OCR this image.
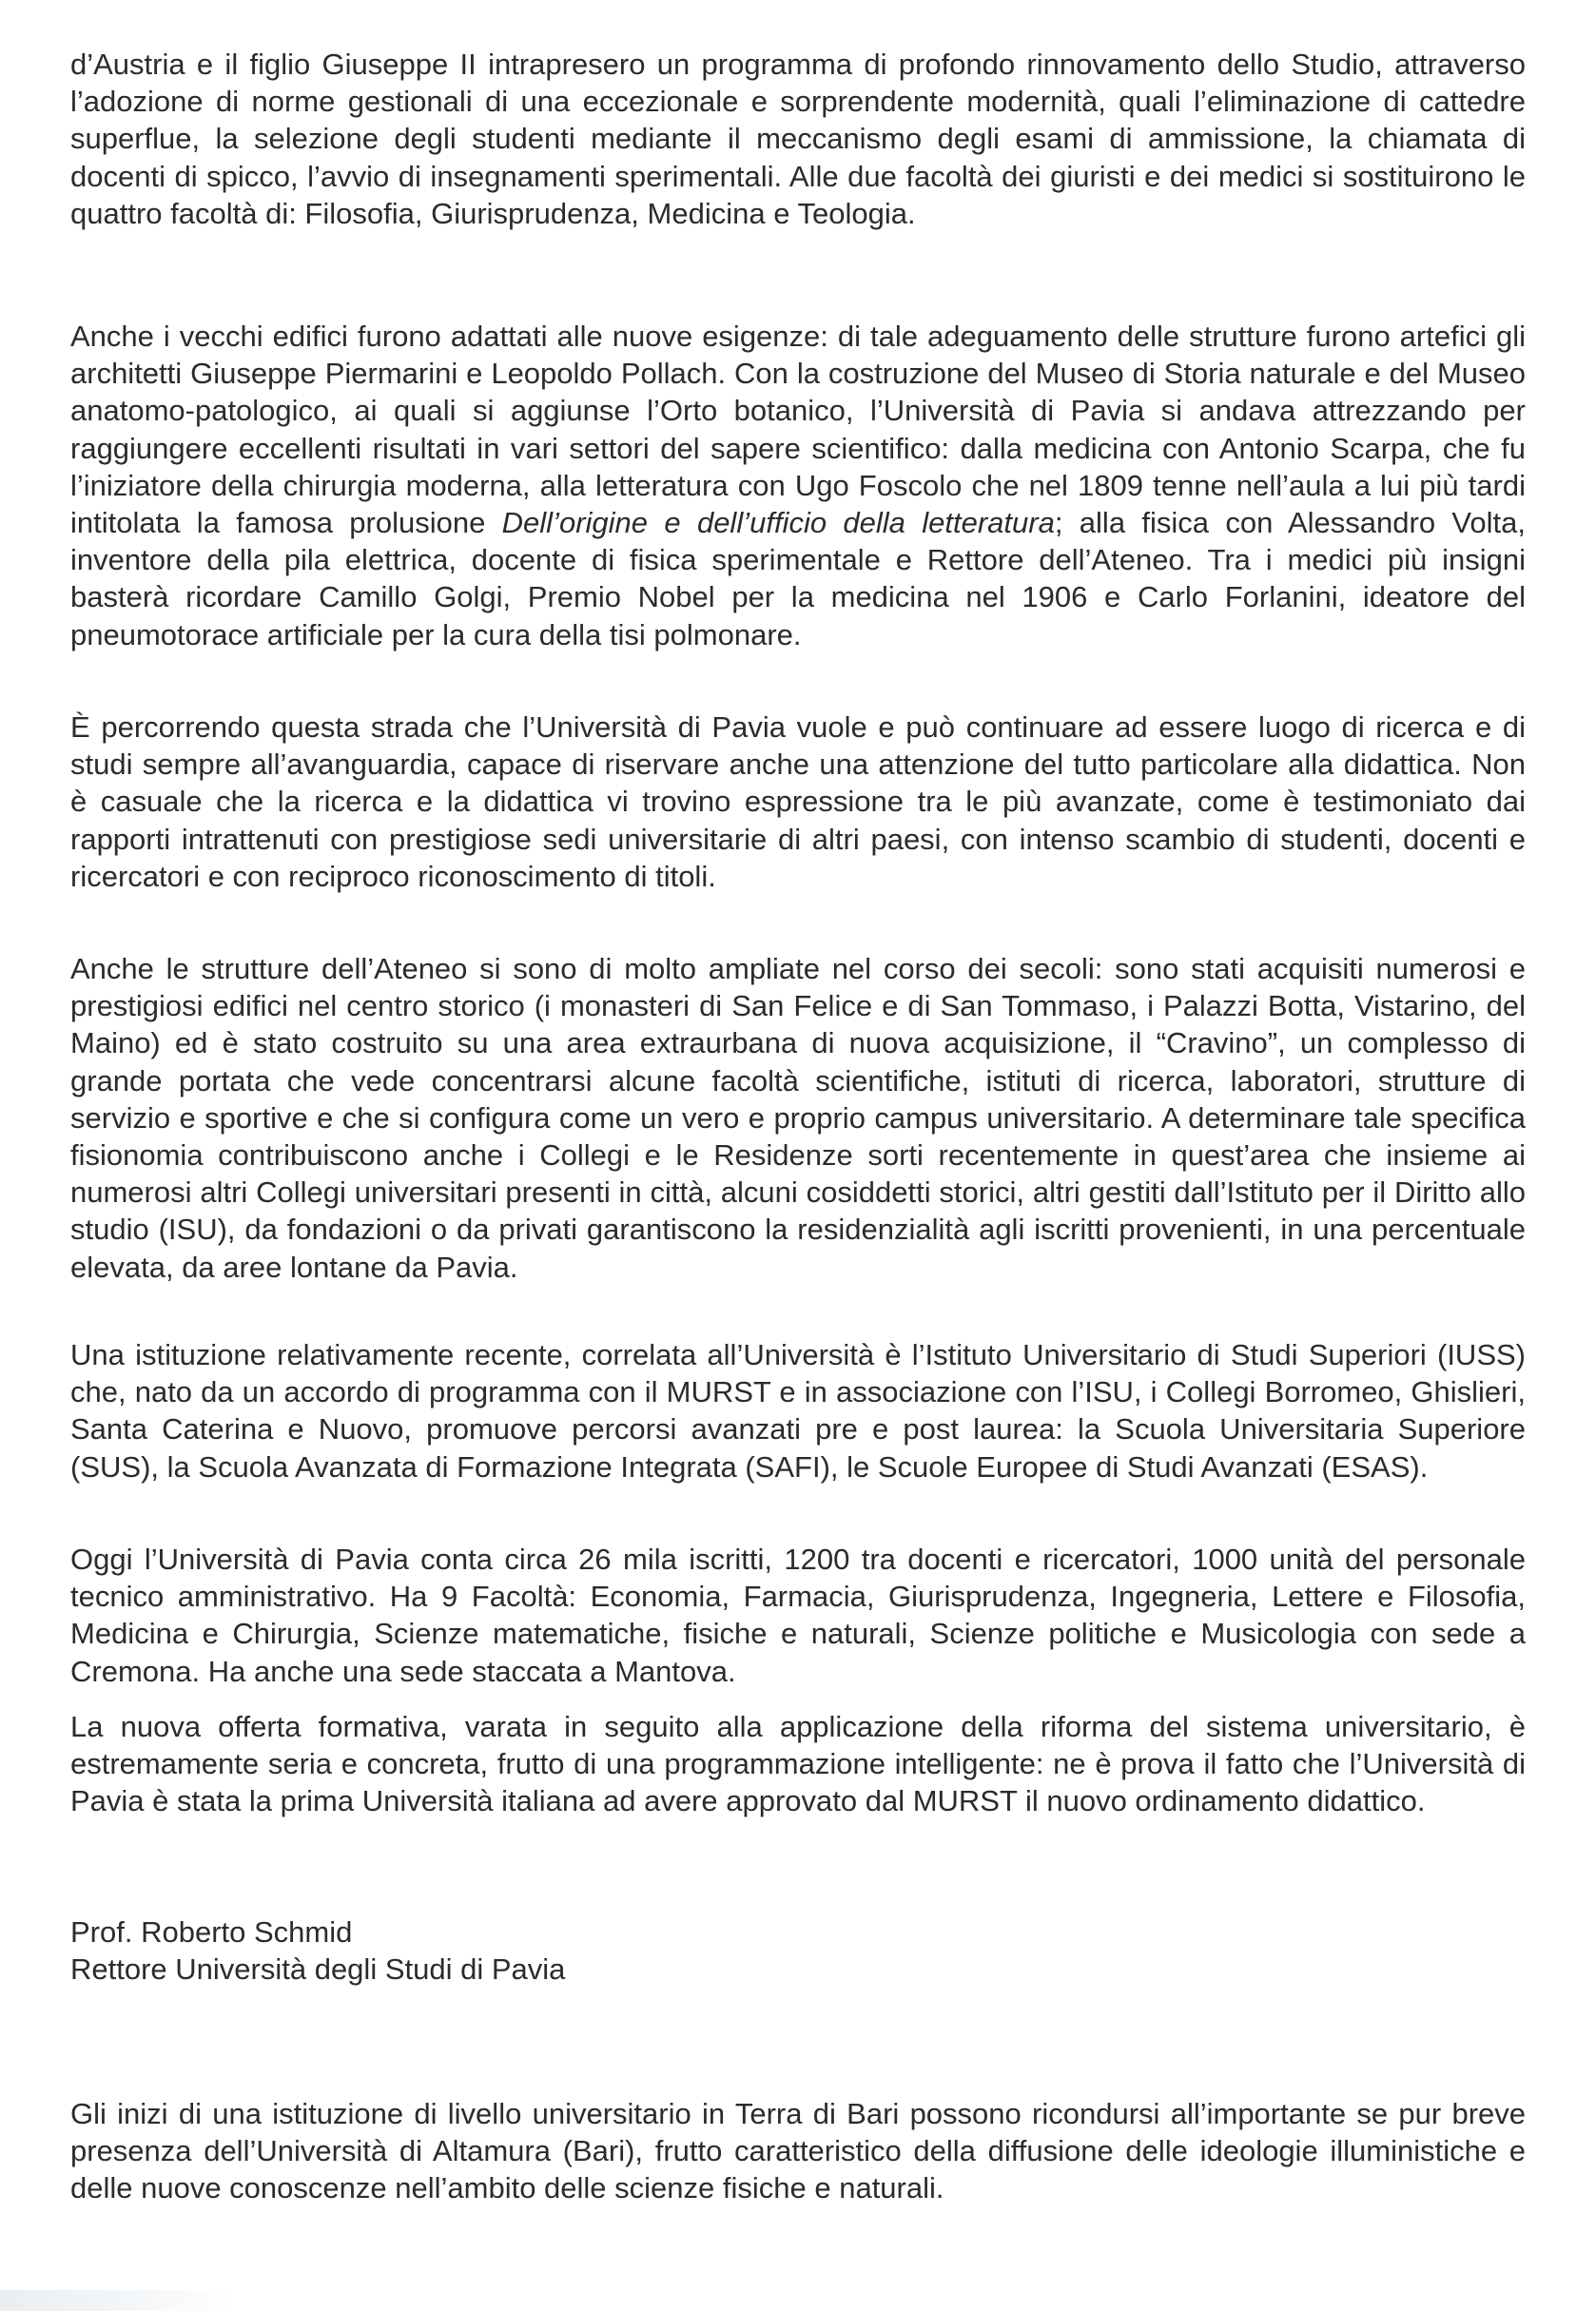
d’Austria e il figlio Giuseppe II intrapresero un programma di profondo rinnovamento dello Studio, attraverso l’adozione di norme gestionali di una eccezionale e sorprendente modernità, quali l’eliminazione di cattedre superflue, la selezione degli studenti mediante il meccanismo degli esami di ammissione, la chiamata di docenti di spicco, l’avvio di insegnamenti sperimentali. Alle due facoltà dei giuristi e dei medici si sostituirono le quattro facoltà di: Filosofia, Giurisprudenza, Medicina e Teologia.

Anche i vecchi edifici furono adattati alle nuove esigenze: di tale adeguamento delle strutture furono artefici gli architetti Giuseppe Piermarini e Leopoldo Pollach. Con la costruzione del Museo di Storia naturale e del Museo anatomo-patologico, ai quali si aggiunse l’Orto botanico, l’Università di Pavia si andava attrezzando per raggiungere eccellenti risultati in vari settori del sapere scientifico: dalla medicina con Antonio Scarpa, che fu l’iniziatore della chirurgia moderna, alla letteratura con Ugo Foscolo che nel 1809 tenne nell’aula a lui più tardi intitolata la famosa prolusione Dell’origine e dell’ufficio della letteratura; alla fisica con Alessandro Volta, inventore della pila elettrica, docente di fisica sperimentale e Rettore dell’Ateneo. Tra i medici più insigni basterà ricordare Camillo Golgi, Premio Nobel per la medicina nel 1906 e Carlo Forlanini, ideatore del pneumotorace artificiale per la cura della tisi polmonare.

È percorrendo questa strada che l’Università di Pavia vuole e può continuare ad essere luogo di ricerca e di studi sempre all’avanguardia, capace di riservare anche una attenzione del tutto particolare alla didattica. Non è casuale che la ricerca e la didattica vi trovino espressione tra le più avanzate, come è testimoniato dai rapporti intrattenuti con prestigiose sedi universitarie di altri paesi, con intenso scambio di studenti, docenti e ricercatori e con reciproco riconoscimento di titoli.

Anche le strutture dell’Ateneo si sono di molto ampliate nel corso dei secoli: sono stati acquisiti numerosi e prestigiosi edifici nel centro storico (i monasteri di San Felice e di San Tommaso, i Palazzi Botta, Vistarino, del Maino) ed è stato costruito su una area extraurbana di nuova acquisizione, il “Cravino”, un complesso di grande portata che vede concentrarsi alcune facoltà scientifiche, istituti di ricerca, laboratori, strutture di servizio e sportive e che si configura come un vero e proprio campus universitario. A determinare tale specifica fisionomia contribuiscono anche i Collegi e le Residenze sorti recentemente in quest’area che insieme ai numerosi altri Collegi universitari presenti in città, alcuni cosiddetti storici, altri gestiti dall’Istituto per il Diritto allo studio (ISU), da fondazioni o da privati garantiscono la residenzialità agli iscritti provenienti, in una percentuale elevata, da aree lontane da Pavia.

Una istituzione relativamente recente, correlata all’Università è l’Istituto Universitario di Studi Superiori (IUSS) che, nato da un accordo di programma con il MURST e in associazione con l’ISU, i Collegi Borromeo, Ghislieri, Santa Caterina e Nuovo, promuove percorsi avanzati pre e post laurea: la Scuola Universitaria Superiore (SUS), la Scuola Avanzata di Formazione Integrata (SAFI), le Scuole Europee di Studi Avanzati (ESAS).

Oggi l’Università di Pavia conta circa 26 mila iscritti, 1200 tra docenti e ricercatori, 1000 unità del personale tecnico amministrativo. Ha 9 Facoltà: Economia, Farmacia, Giurisprudenza, Ingegneria, Lettere e Filosofia, Medicina e Chirurgia, Scienze matematiche, fisiche e naturali, Scienze politiche e Musicologia con sede a Cremona. Ha anche una sede staccata a Mantova.

La nuova offerta formativa, varata in seguito alla applicazione della riforma del sistema universitario, è estremamente seria e concreta, frutto di una programmazione intelligente: ne è prova il fatto che l’Università di Pavia è stata la prima Università italiana ad avere approvato dal MURST il nuovo ordinamento didattico.

Prof. Roberto Schmid

Rettore Università degli Studi di Pavia

Gli inizi di una istituzione di livello universitario in Terra di Bari possono ricondursi all’importante se pur breve presenza dell’Università di Altamura (Bari), frutto caratteristico della diffusione delle ideologie illuministiche e delle nuove conoscenze nell’ambito delle scienze fisiche e naturali.
